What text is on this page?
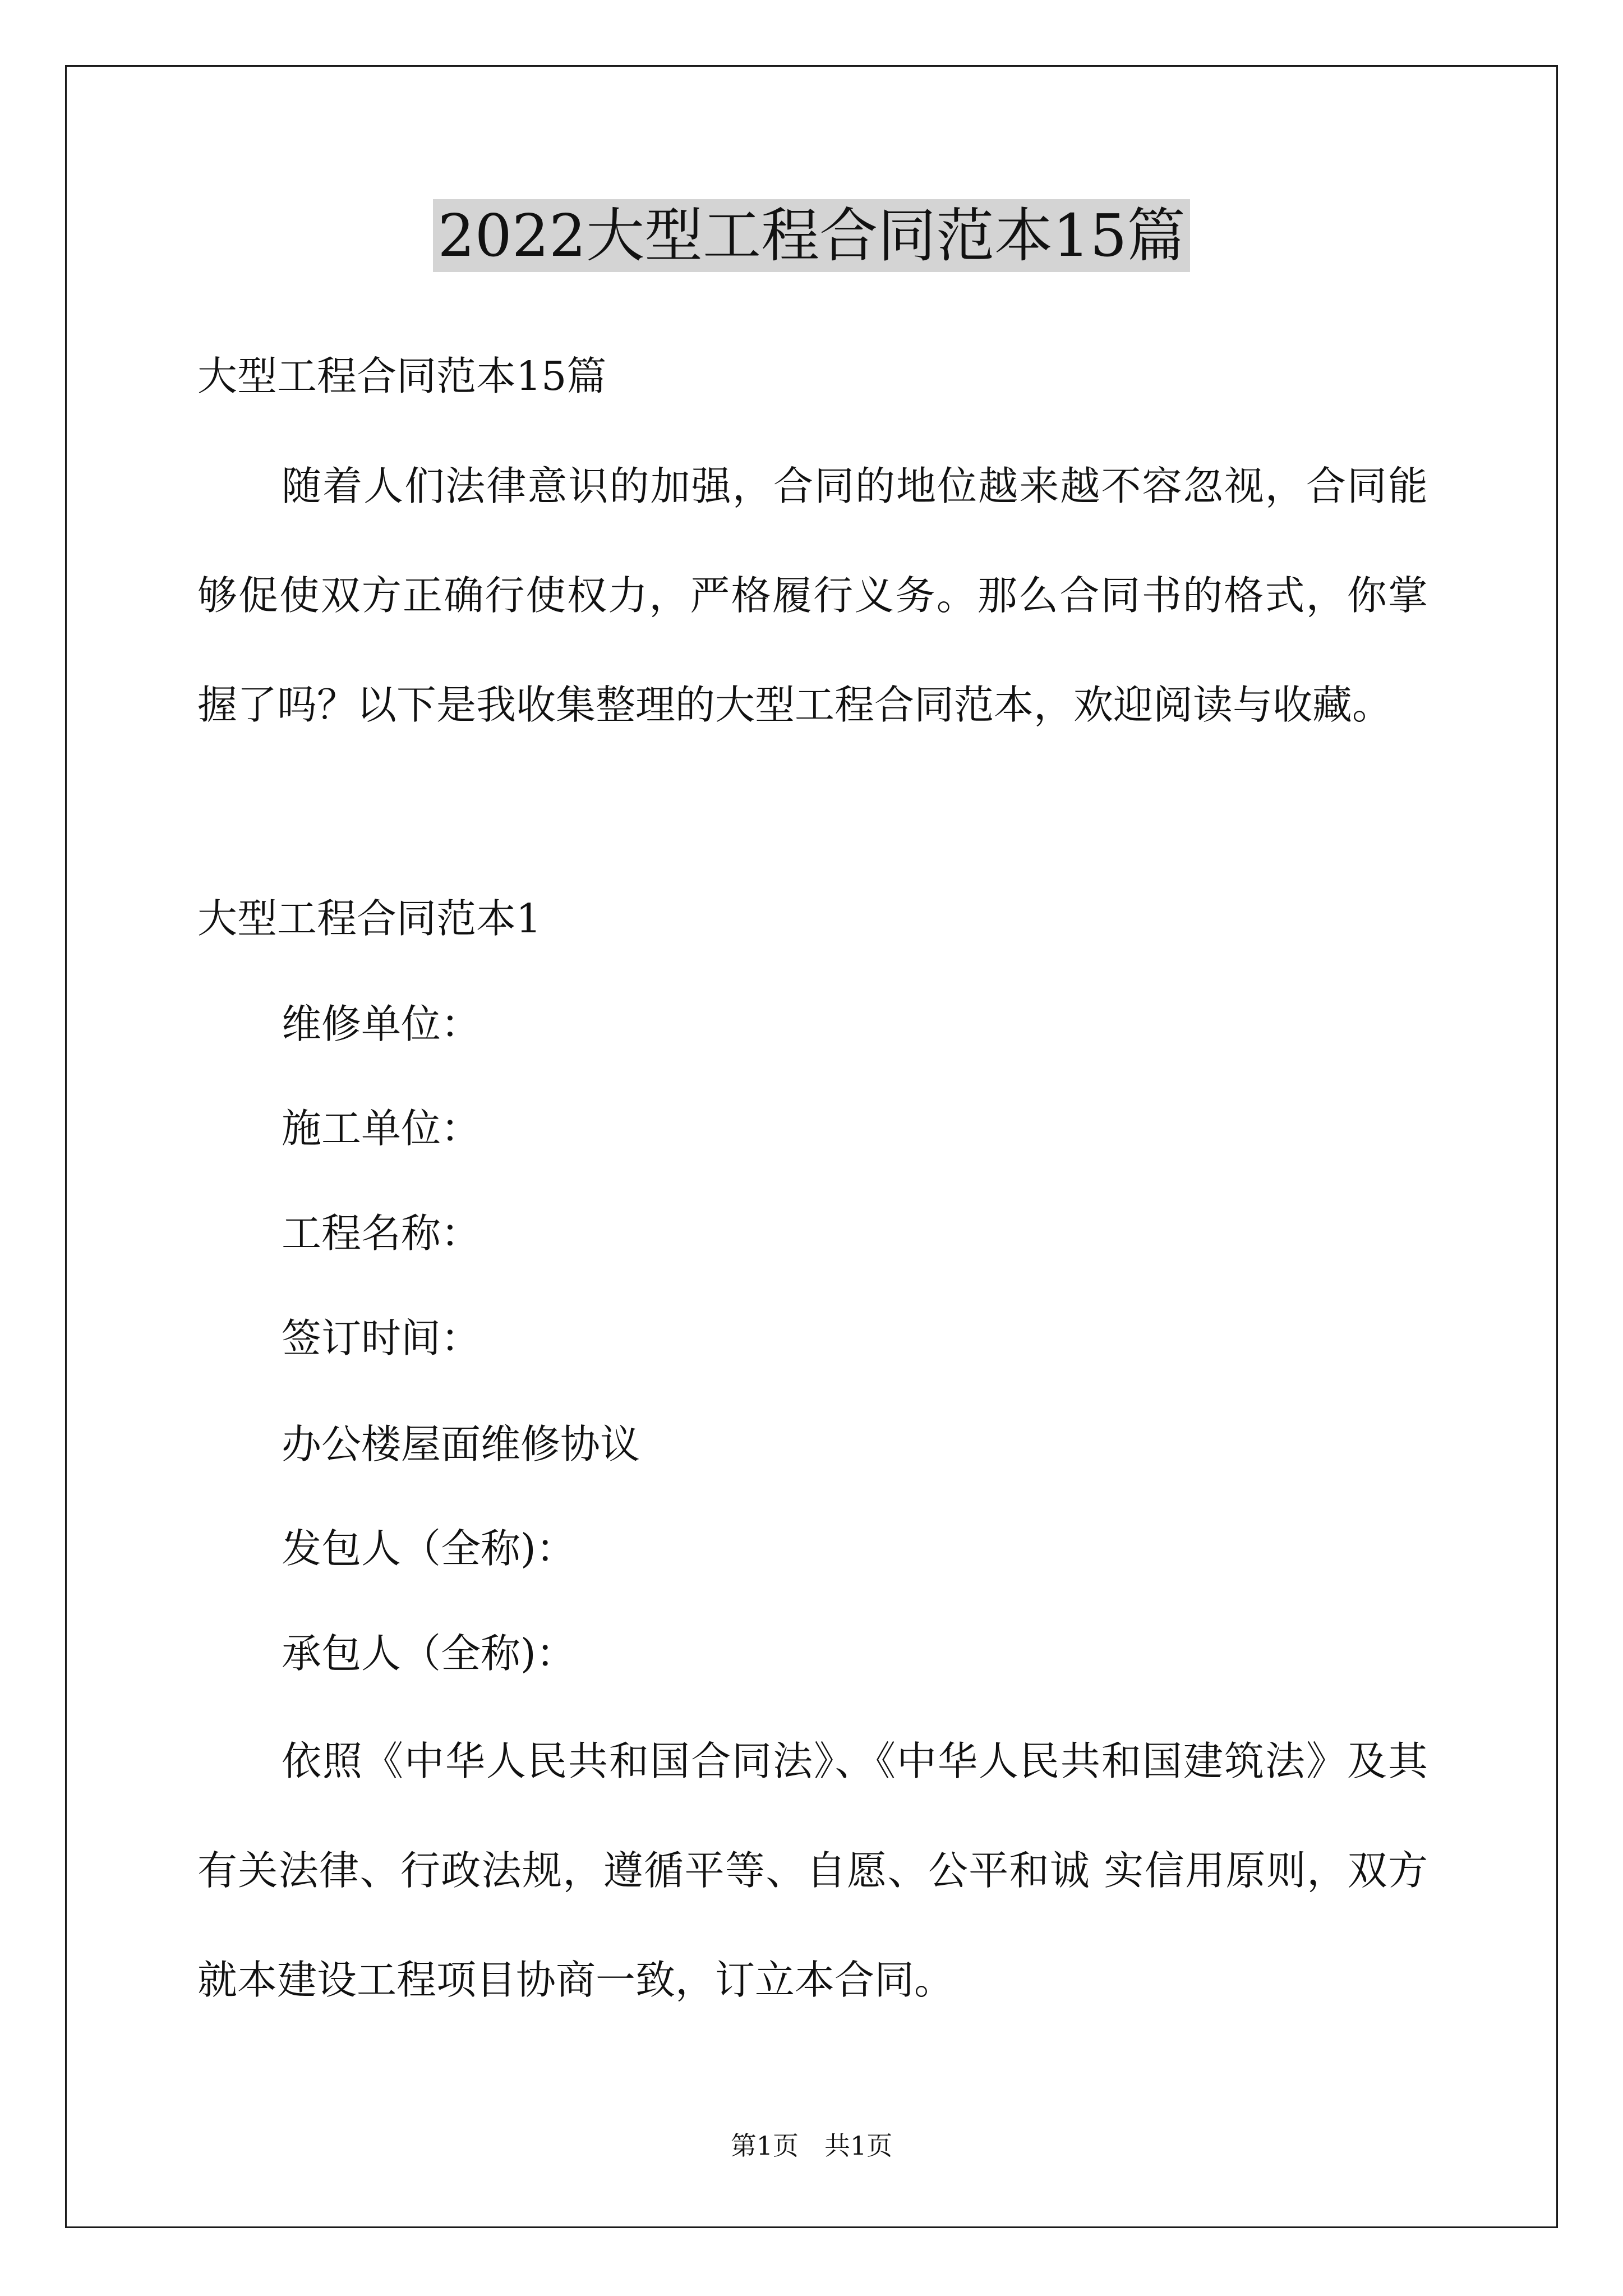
2022大型工程合同范本15篇

大型工程合同范本15篇

随着人们法律意识的加强，合同的地位越来越不容忽视，合同能

够促使双方正确行使权力，严格履行义务。那么合同书的格式，你掌

握了吗？以下是我收集整理的大型工程合同范本，欢迎阅读与收藏。

大型工程合同范本1

维修单位：

施工单位：

工程名称：

签订时间：

办公楼屋面维修协议

发包人（全称)：

承包人（全称)：

依照《中华人民共和国合同法》、《中华人民共和国建筑法》及其

有关法律、行政法规，遵循平等、自愿、公平和诚 实信用原则，双方

就本建设工程项目协商一致，订立本合同。

第1页　共1页
